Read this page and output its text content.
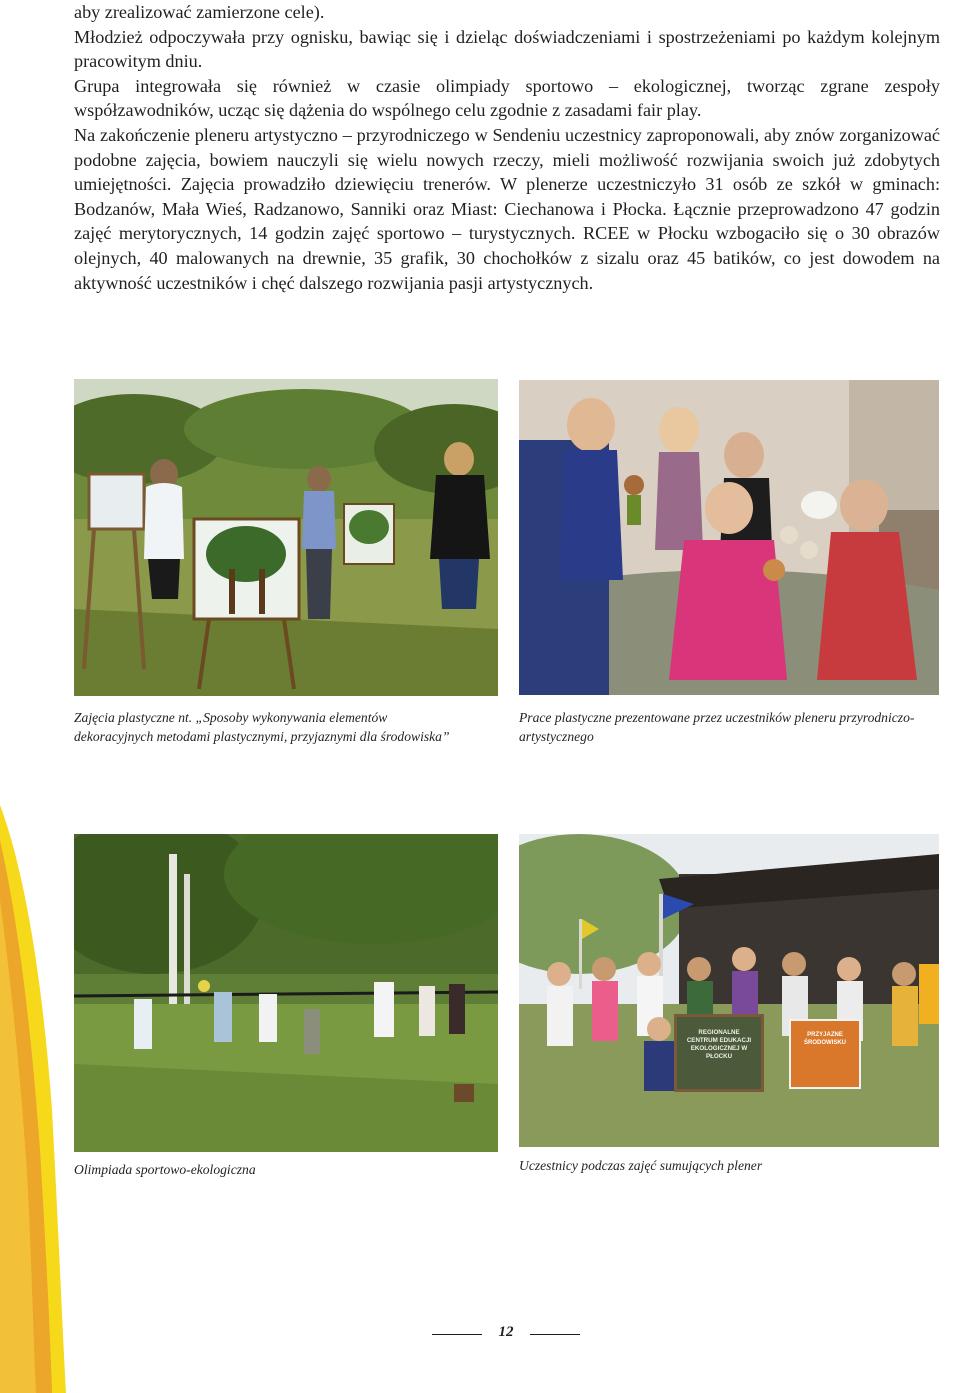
aby zrealizować zamierzone cele).

Młodzież odpoczywała przy ognisku, bawiąc się i dzieląc doświadczeniami i spostrzeżeniami po każdym kolejnym pracowitym dniu.

Grupa integrowała się również w czasie olimpiady sportowo – ekologicznej, tworząc zgrane zespoły współzawodników, ucząc się dążenia do wspólnego celu zgodnie z zasadami fair play.

Na zakończenie pleneru artystyczno – przyrodniczego w Sendeniu uczestnicy zaproponowali, aby znów zorganizować podobne zajęcia, bowiem nauczyli się wielu nowych rzeczy, mieli możliwość rozwijania swoich już zdobytych umiejętności. Zajęcia prowadziło dziewięciu trenerów. W plenerze uczestniczyło 31 osób ze szkół w gminach: Bodzanów, Mała Wieś, Radzanowo, Sanniki oraz Miast: Ciechanowa i Płocka. Łącznie przeprowadzono 47 godzin zajęć merytorycznych, 14 godzin zajęć sportowo – turystycznych. RCEE w Płocku wzbogaciło się o 30 obrazów olejnych, 40 malowanych na drewnie, 35 grafik, 30 chochołków z sizalu oraz 45 batików, co jest dowodem na aktywność uczestników i chęć dalszego rozwijania pasji artystycznych.

Zajęcia plastyczne nt. „Sposoby wykonywania elementów dekoracyjnych metodami plastycznymi, przyjaznymi dla środowiska”
Prace plastyczne prezentowane przez uczestników pleneru przyrodniczo-artystycznego
REGIONALNE CENTRUM EDUKACJI EKOLOGICZNEJ W PŁOCKU
PRZYJAZNE ŚRODOWISKU
Olimpiada sportowo-ekologiczna	Uczestnicy podczas zajęć sumujących plener
12
